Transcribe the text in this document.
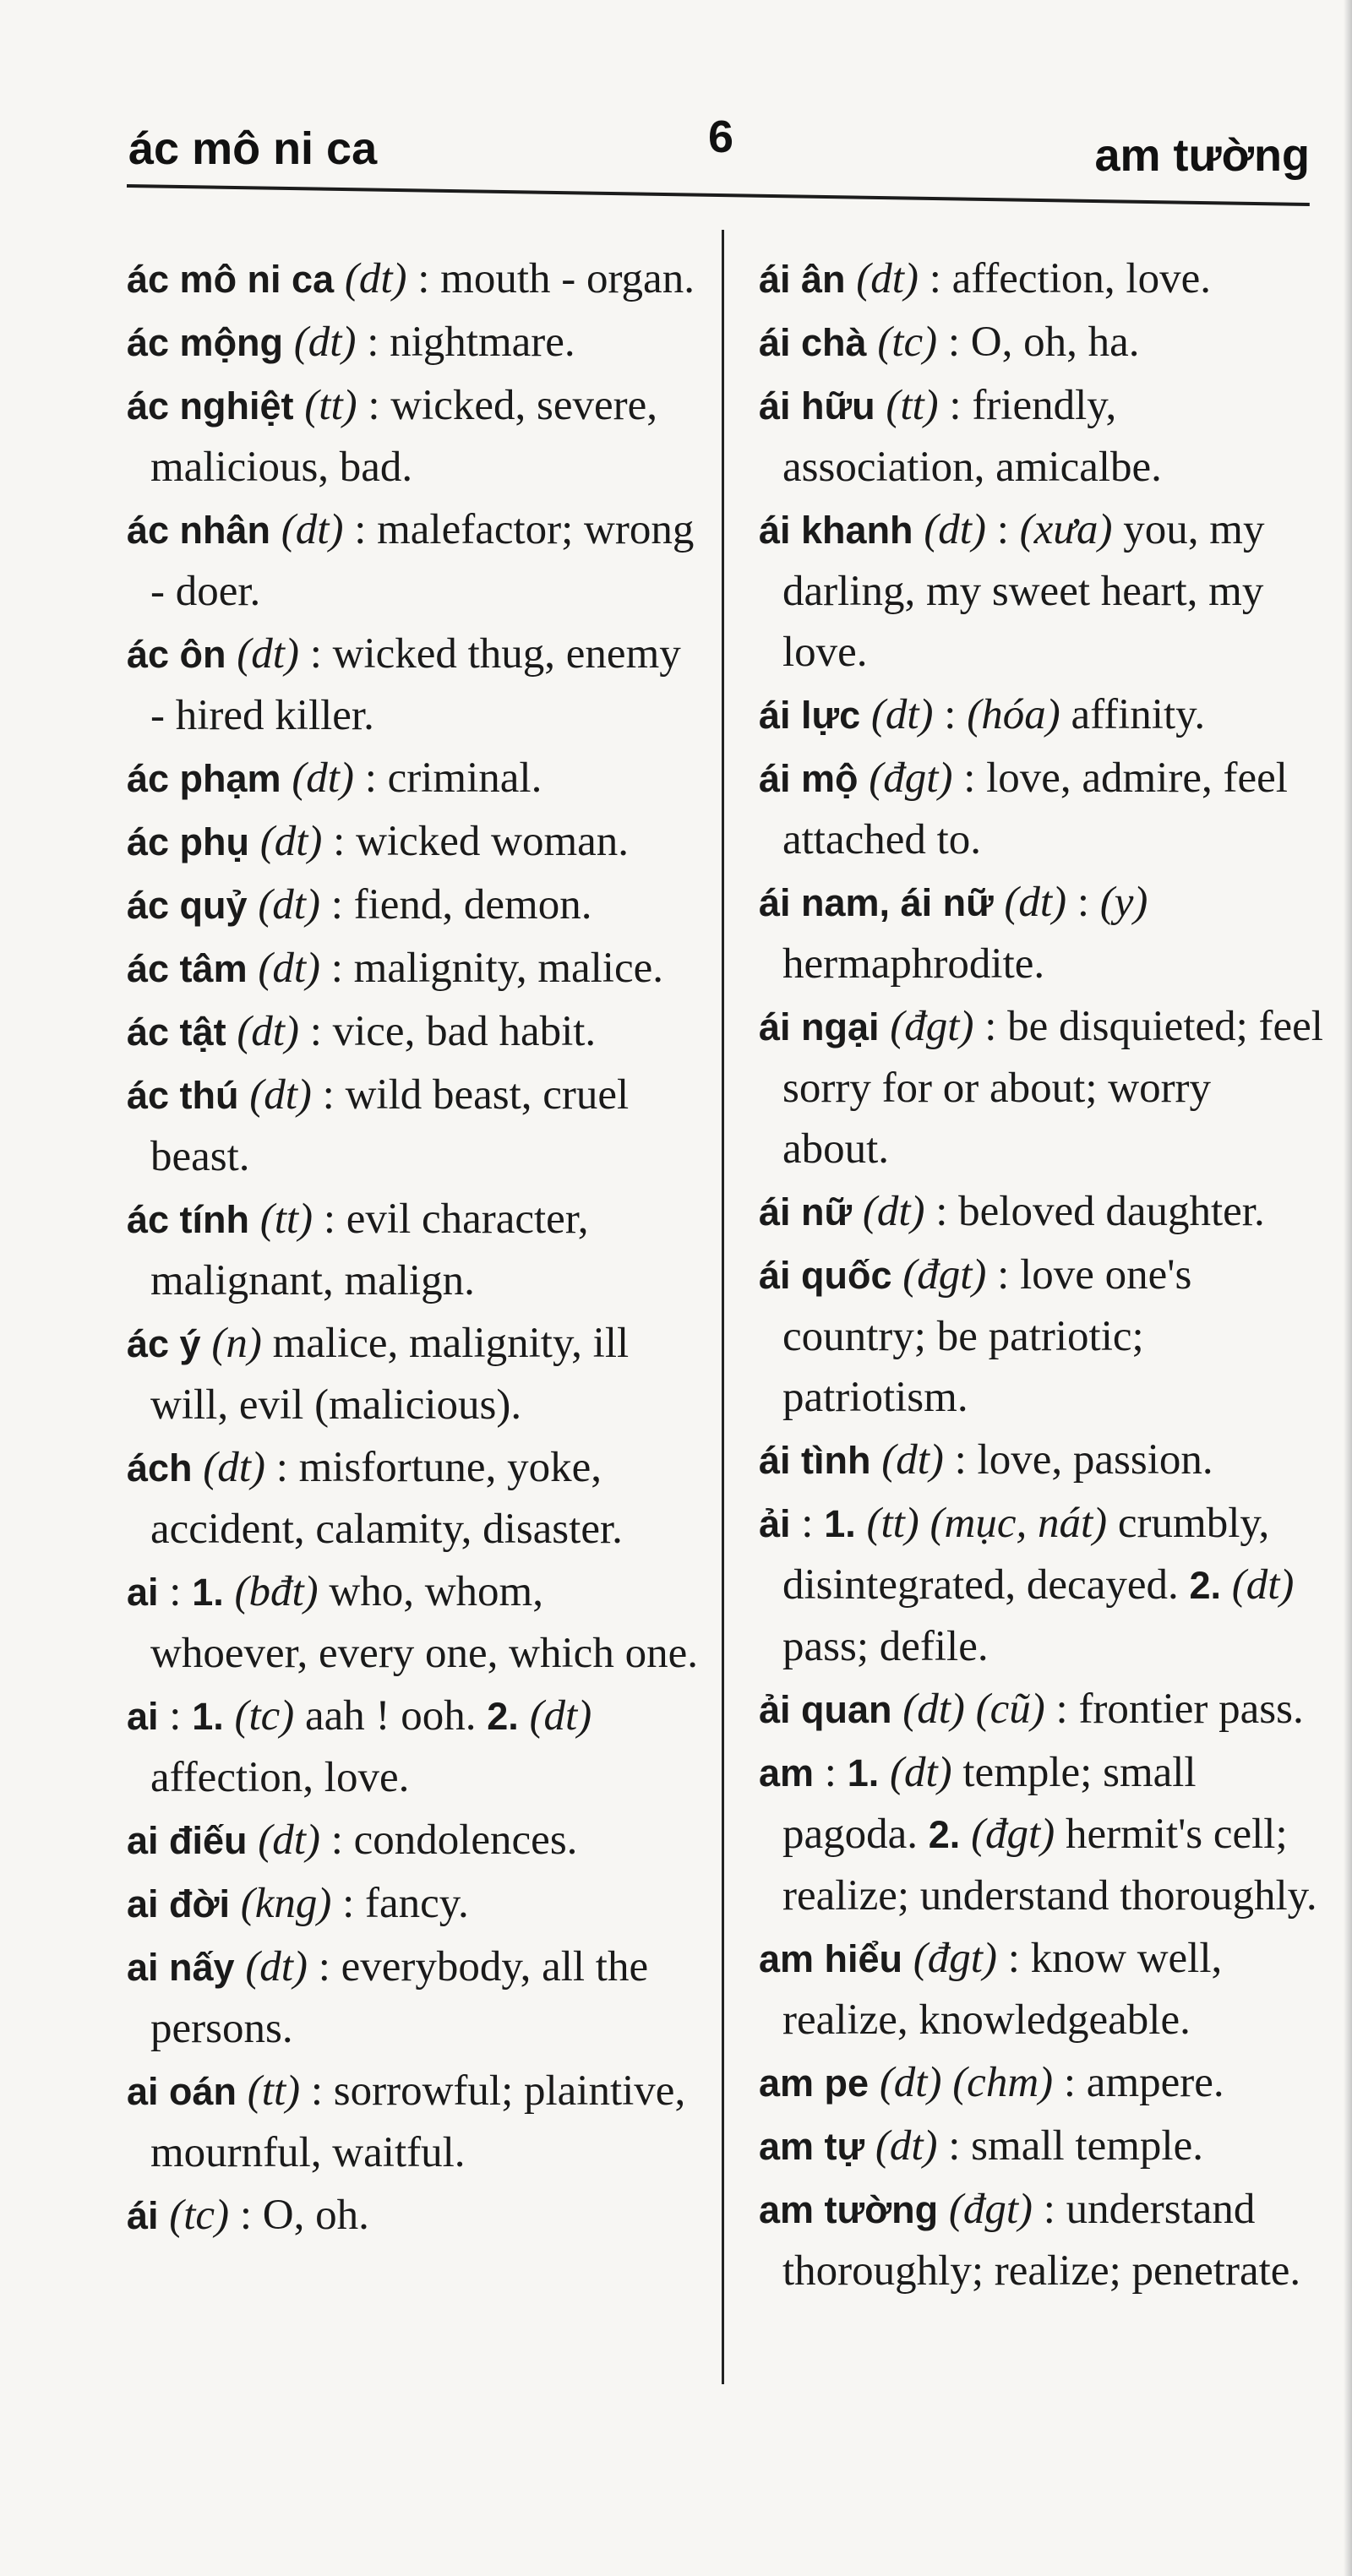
ác mô ni ca	6	am tường
ác mô ni ca (dt) : mouth - organ.
ác mộng (dt) : nightmare.
ác nghiệt (tt) : wicked, severe, malicious, bad.
ác nhân (dt) : malefactor; wrong - doer.
ác ôn (dt) : wicked thug, enemy - hired killer.
ác phạm (dt) : criminal.
ác phụ (dt) : wicked woman.
ác quỷ (dt) : fiend, demon.
ác tâm (dt) : malignity, malice.
ác tật (dt) : vice, bad habit.
ác thú (dt) : wild beast, cruel beast.
ác tính (tt) : evil character, malignant, malign.
ác ý (n) malice, malignity, ill will, evil (malicious).
ách (dt) : misfortune, yoke, accident, calamity, disaster.
ai : 1. (bđt) who, whom, whoever, every one, which one.
ai : 1. (tc) aah ! ooh. 2. (dt) affection, love.
ai điếu (dt) : condolences.
ai đời (kng) : fancy.
ai nấy (dt) : everybody, all the persons.
ai oán (tt) : sorrowful; plaintive, mournful, waitful.
ái (tc) : O, oh.
ái ân (dt) : affection, love.
ái chà (tc) : O, oh, ha.
ái hữu (tt) : friendly, association, amicalbe.
ái khanh (dt) : (xưa) you, my darling, my sweet heart, my love.
ái lực (dt) : (hóa) affinity.
ái mộ (đgt) : love, admire, feel attached to.
ái nam, ái nữ (dt) : (y) hermaphrodite.
ái ngại (đgt) : be disquieted; feel sorry for or about; worry about.
ái nữ (dt) : beloved daughter.
ái quốc (đgt) : love one's country; be patriotic; patriotism.
ái tình (dt) : love, passion.
ải : 1. (tt) (mục, nát) crumbly, disintegrated, decayed. 2. (dt) pass; defile.
ải quan (dt) (cũ) : frontier pass.
am : 1. (dt) temple; small pagoda. 2. (đgt) hermit's cell; realize; understand thoroughly.
am hiểu (đgt) : know well, realize, knowledgeable.
am pe (dt) (chm) : ampere.
am tự (dt) : small temple.
am tường (đgt) : understand thoroughly; realize; penetrate.
